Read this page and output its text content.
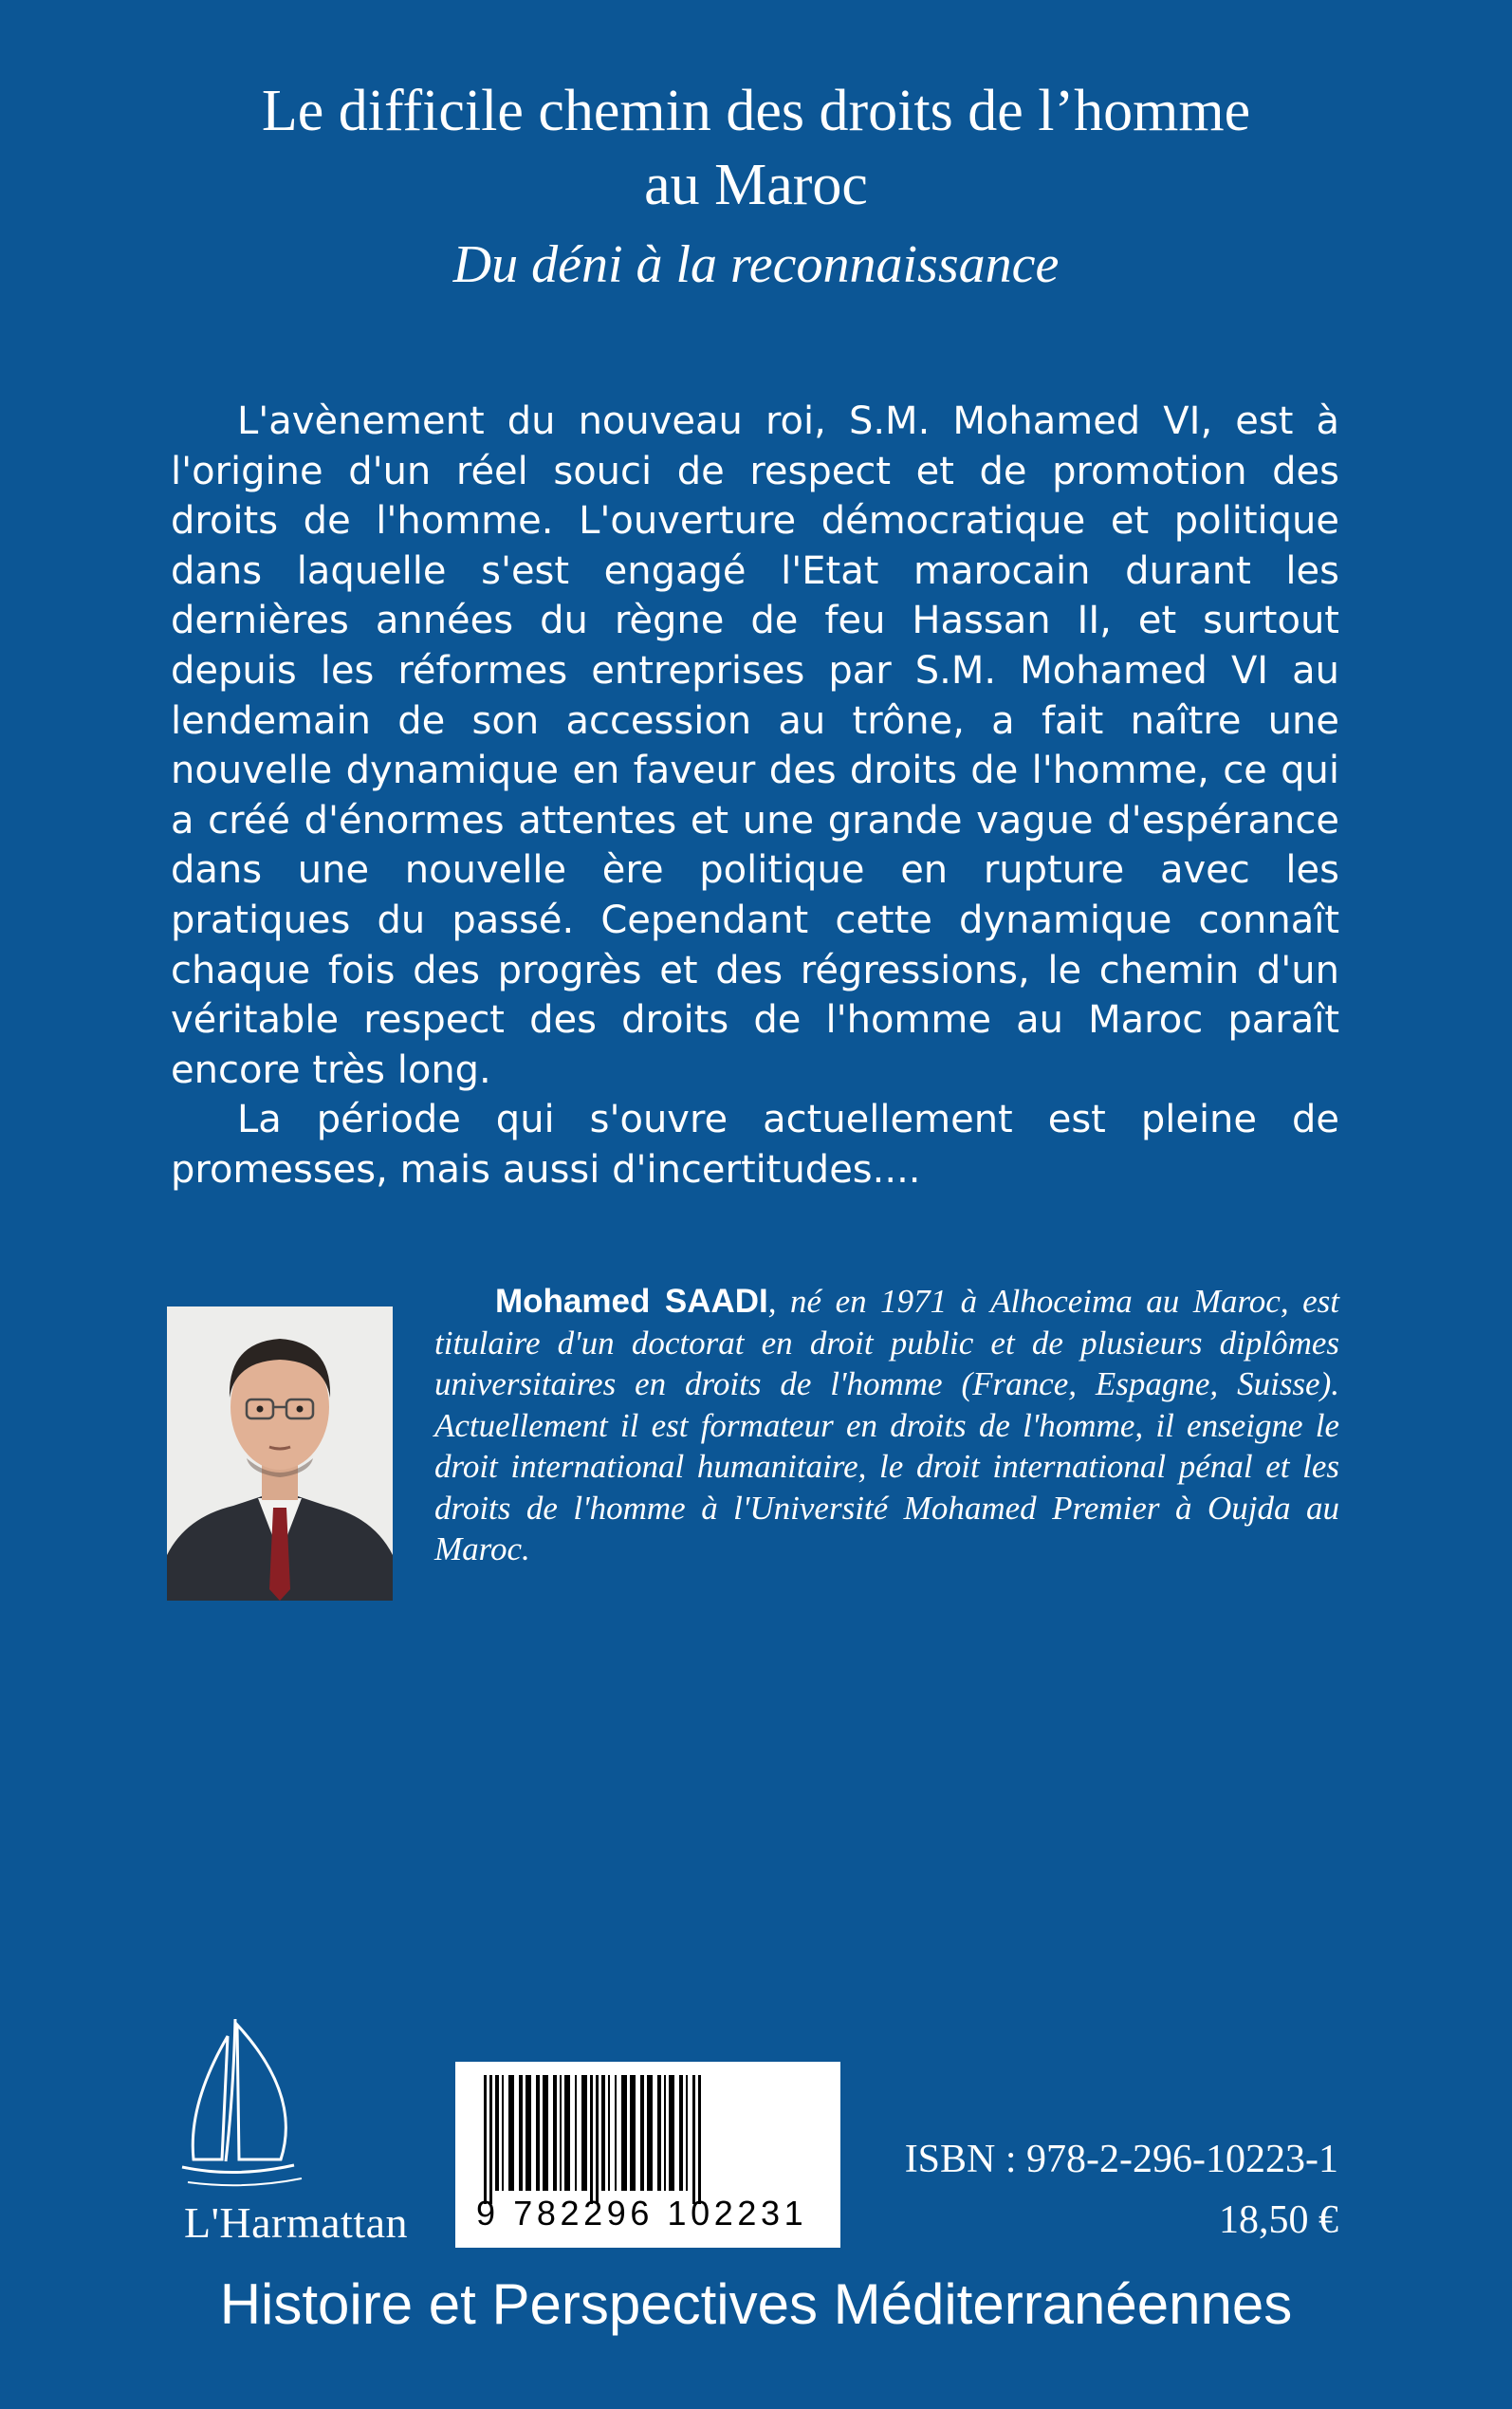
Le difficile chemin des droits de l’homme
au Maroc
Du déni à la reconnaissance

L'avènement du nouveau roi, S.M. Mohamed VI, est à l'origine d'un réel souci de respect et de promotion des droits de l'homme. L'ouverture démocratique et politique dans laquelle s'est engagé l'Etat marocain durant les dernières années du règne de feu Hassan II, et surtout depuis les réformes entreprises par S.M. Mohamed VI au lendemain de son accession au trône, a fait naître une nouvelle dynamique en faveur des droits de l'homme, ce qui a créé d'énormes attentes et une grande vague d'espérance dans une nouvelle ère politique en rupture avec les pratiques du passé. Cependant cette dynamique connaît chaque fois des progrès et des régressions, le chemin d'un véritable respect des droits de l'homme au Maroc paraît encore très long.

La période qui s'ouvre actuellement est pleine de promesses, mais aussi d'incertitudes....

Mohamed SAADI, né en 1971 à Alhoceima au Maroc, est titulaire d'un doctorat en droit public et de plusieurs diplômes universitaires en droits de l'homme (France, Espagne, Suisse). Actuellement il est formateur en droits de l'homme, il enseigne le droit international humanitaire, le droit international pénal et les droits de l'homme à l'Université Mohamed Premier à Oujda au Maroc.
L'Harmattan 9 782296 102231
ISBN : 978-2-296-10223-1
18,50 €
Histoire et Perspectives Méditerranéennes
